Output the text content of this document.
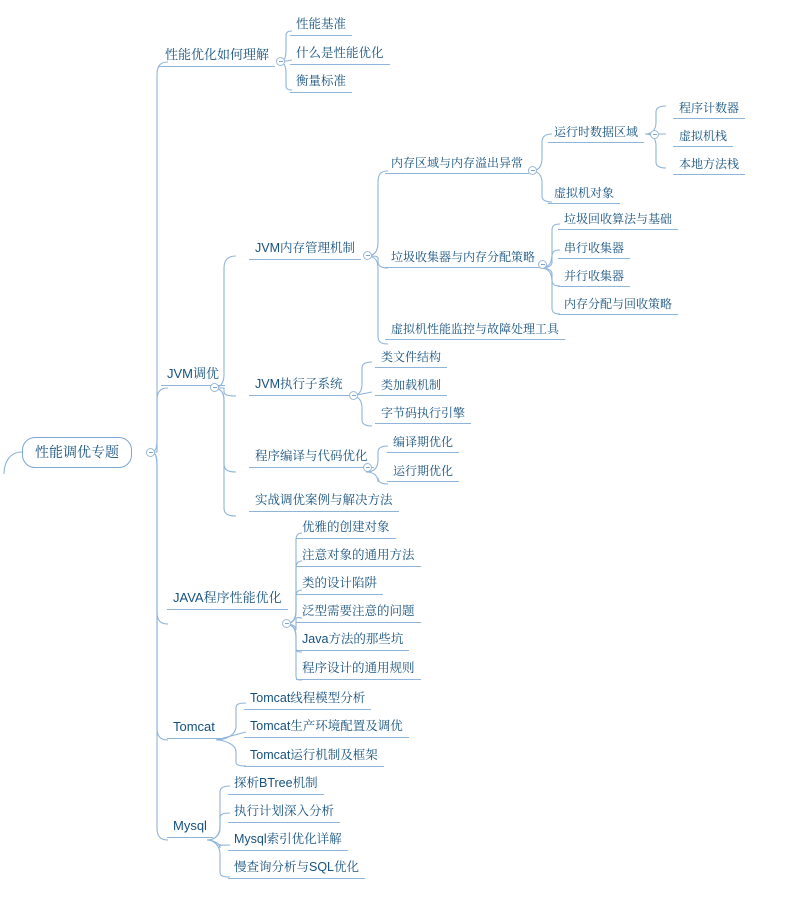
性能调优专题
性能优化如何理解
性能基准
什么是性能优化
衡量标准
JVM调优
JVM内存管理机制
内存区域与内存溢出异常
运行时数据区域
程序计数器
虚拟机栈
本地方法栈
虚拟机对象
垃圾收集器与内存分配策略
垃圾回收算法与基础
串行收集器
并行收集器
内存分配与回收策略
虚拟机性能监控与故障处理工具
JVM执行子系统
类文件结构
类加载机制
字节码执行引擎
程序编译与代码优化
编译期优化
运行期优化
实战调优案例与解决方法
JAVA程序性能优化
优雅的创建对象
注意对象的通用方法
类的设计陷阱
泛型需要注意的问题
Java方法的那些坑
程序设计的通用规则
Tomcat
Tomcat线程模型分析
Tomcat生产环境配置及调优
Tomcat运行机制及框架
Mysql
探析BTree机制
执行计划深入分析
Mysql索引优化详解
慢查询分析与SQL优化
